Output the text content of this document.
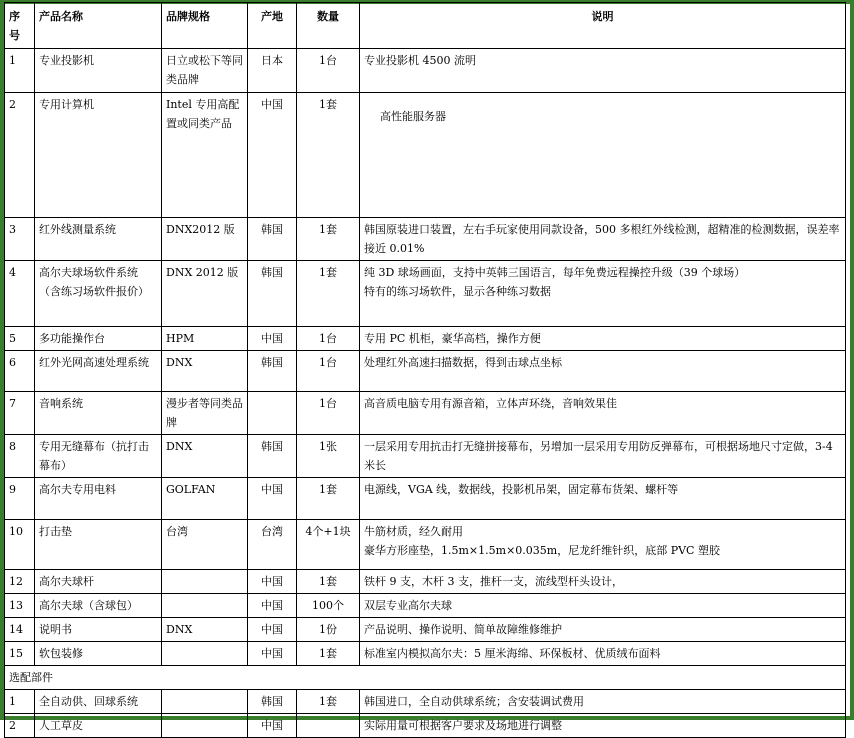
序号	产品名称	品牌规格	产地	数量	说明
1	专业投影机	日立或松下等同类品牌	日本	1台	专业投影机 4500 流明

2	专用计算机	Intel 专用高配置或同类产品	中国	1套	高性能服务器

3	红外线测量系统	DNX2012 版	韩国	1套	韩国原装进口装置，左右手玩家使用同款设备，500 多根红外线检测，超精准的检测数据，误差率接近 0.01%

4	高尔夫球场软件系统（含练习场软件报价）	DNX 2012 版	韩国	1套	纯 3D 球场画面，支持中英韩三国语言，每年免费远程操控升级（39 个球场）
特有的练习场软件，显示各种练习数据

5	多功能操作台	HPM	中国	1台	专用 PC 机柜，豪华高档，操作方便

6	红外光网高速处理系统	DNX	韩国	1台	处理红外高速扫描数据，得到击球点坐标

7	音响系统	漫步者等同类品牌		1台	高音质电脑专用有源音箱，立体声环绕，音响效果佳

8	专用无缝幕布（抗打击幕布）	DNX	韩国	1张	一层采用专用抗击打无缝拼接幕布，另增加一层采用专用防反弹幕布，可根据场地尺寸定做，3-4 米长

9	高尔夫专用电料	GOLFAN	中国	1套	电源线，VGA 线，数据线，投影机吊架，固定幕布货架、螺杆等

10	打击垫	台湾	台湾	4个+1块	牛筋材质，经久耐用
豪华方形座垫，1.5m×1.5m×0.035m，尼龙纤维针织，底部 PVC 塑胶

12	高尔夫球杆		中国	1套	铁杆 9 支，木杆 3 支，推杆一支，流线型杆头设计，

13	高尔夫球（含球包）		中国	100个	双层专业高尔夫球

14	说明书	DNX	中国	1份	产品说明、操作说明、简单故障维修维护

15	软包装修		中国	1套	标准室内模拟高尔夫：5 厘米海绵、环保板材、优质绒布面料

选配部件					
1	全自动供、回球系统		韩国	1套	韩国进口，全自动供球系统；含安装调试费用

2	人工草皮		中国		实际用量可根据客户要求及场地进行调整
